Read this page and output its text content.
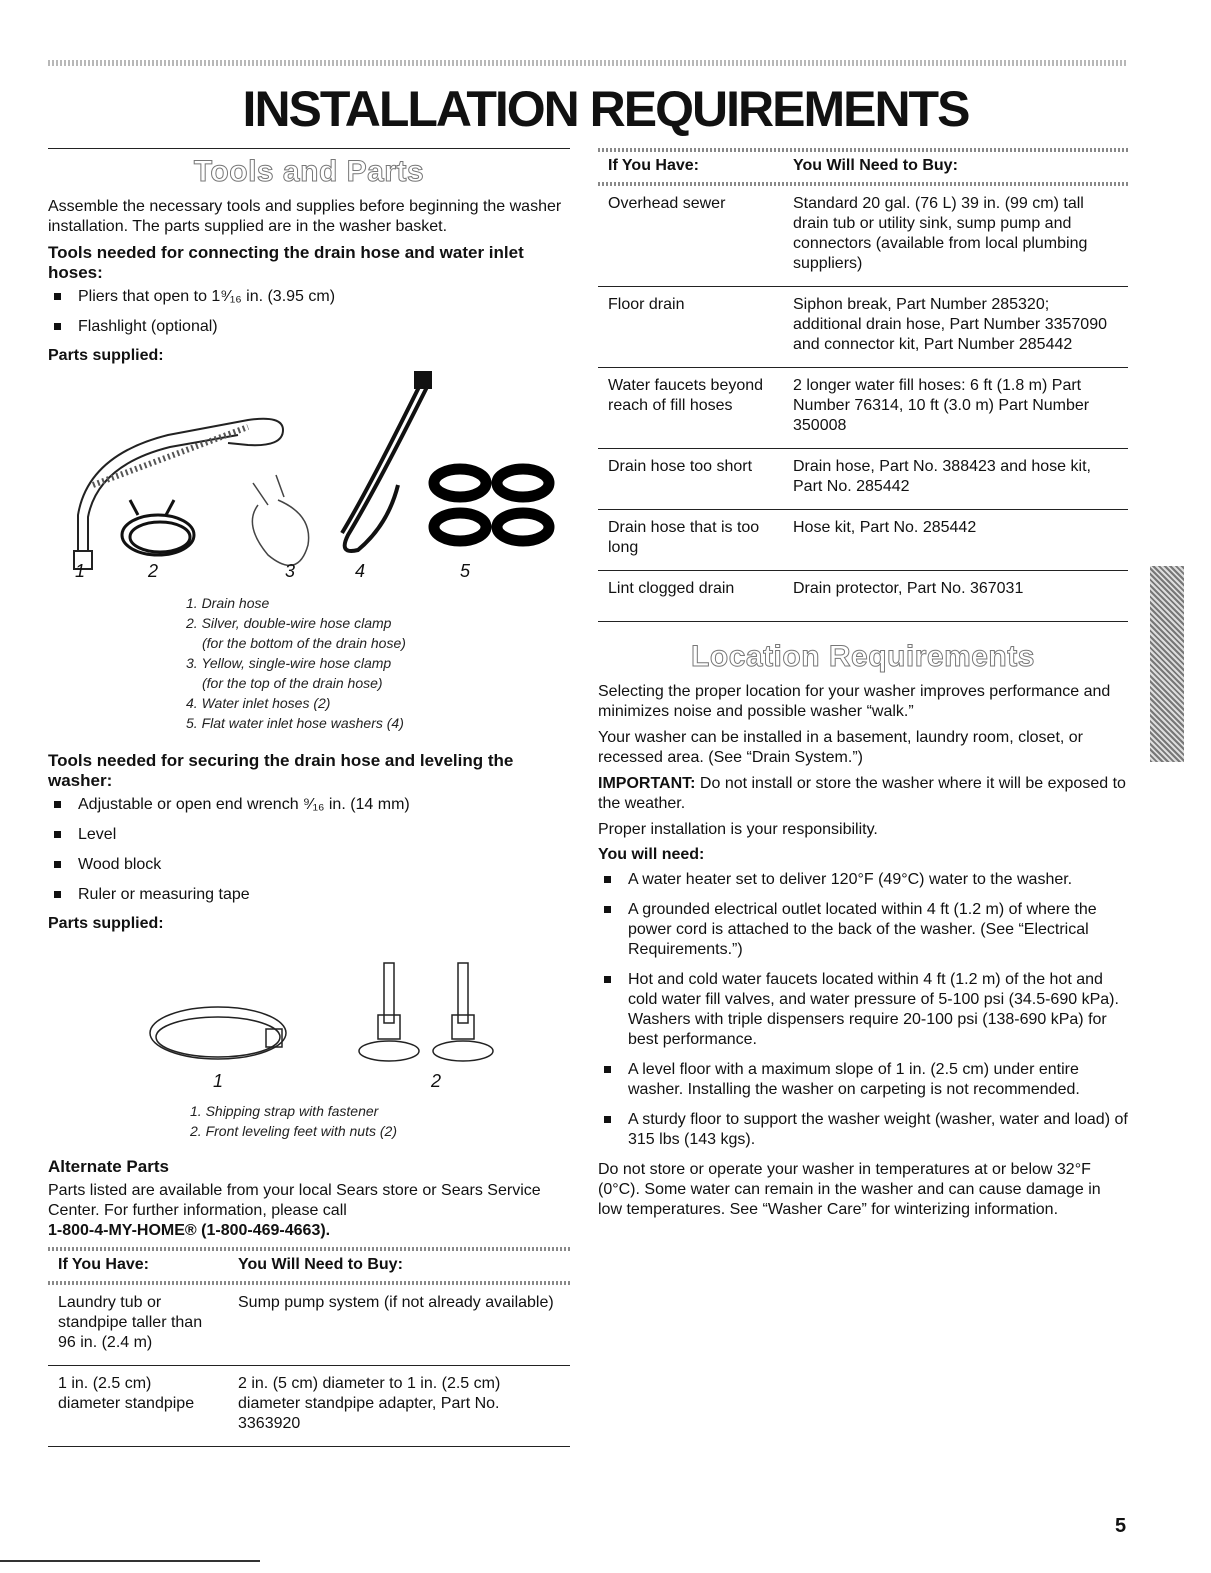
INSTALLATION REQUIREMENTS
Tools and Parts

Assemble the necessary tools and supplies before beginning the washer installation. The parts supplied are in the washer basket.

Tools needed for connecting the drain hose and water inlet hoses:
Pliers that open to 1⁹⁄₁₆ in. (3.95 cm)
Flashlight (optional)
Parts supplied:
1	2	3	4	5
1. Drain hose
2. Silver, double-wire hose clamp
(for the bottom of the drain hose)
3. Yellow, single-wire hose clamp
(for the top of the drain hose)
4. Water inlet hoses (2)
5. Flat water inlet hose washers (4)
Tools needed for securing the drain hose and leveling the washer:
Adjustable or open end wrench ⁹⁄₁₆ in. (14 mm)
Level
Wood block
Ruler or measuring tape
Parts supplied:
1	2
1. Shipping strap with fastener
2. Front leveling feet with nuts (2)
Alternate Parts

Parts listed are available from your local Sears store or Sears Service Center. For further information, please call

1-800-4-MY-HOME® (1-800-469-4663).

If You Have:	You Will Need to Buy:

Laundry tub or standpipe taller than 96 in. (2.4 m)	Sump pump system (if not already available)
1 in. (2.5 cm) diameter standpipe	2 in. (5 cm) diameter to 1 in. (2.5 cm) diameter standpipe adapter, Part No. 3363920
If You Have:	You Will Need to Buy:

Overhead sewer	Standard 20 gal. (76 L) 39 in. (99 cm) tall drain tub or utility sink, sump pump and connectors (available from local plumbing suppliers)
Floor drain	Siphon break, Part Number 285320; additional drain hose, Part Number 3357090 and connector kit, Part Number 285442
Water faucets beyond reach of fill hoses	2 longer water fill hoses: 6 ft (1.8 m) Part Number 76314, 10 ft (3.0 m) Part Number 350008
Drain hose too short	Drain hose, Part No. 388423 and hose kit, Part No. 285442
Drain hose that is too long	Hose kit, Part No. 285442
Lint clogged drain	Drain protector, Part No. 367031
Location Requirements

Selecting the proper location for your washer improves performance and minimizes noise and possible washer “walk.”

Your washer can be installed in a basement, laundry room, closet, or recessed area. (See “Drain System.”)

IMPORTANT: Do not install or store the washer where it will be exposed to the weather.

Proper installation is your responsibility.

You will need:
A water heater set to deliver 120°F (49°C) water to the washer.
A grounded electrical outlet located within 4 ft (1.2 m) of where the power cord is attached to the back of the washer. (See “Electrical Requirements.”)
Hot and cold water faucets located within 4 ft (1.2 m) of the hot and cold water fill valves, and water pressure of 5-100 psi (34.5-690 kPa). Washers with triple dispensers require 20-100 psi (138-690 kPa) for best performance.
A level floor with a maximum slope of 1 in. (2.5 cm) under entire washer. Installing the washer on carpeting is not recommended.
A sturdy floor to support the washer weight (washer, water and load) of 315 lbs (143 kgs).

Do not store or operate your washer in temperatures at or below 32°F (0°C). Some water can remain in the washer and can cause damage in low temperatures. See “Washer Care” for winterizing information.

5
